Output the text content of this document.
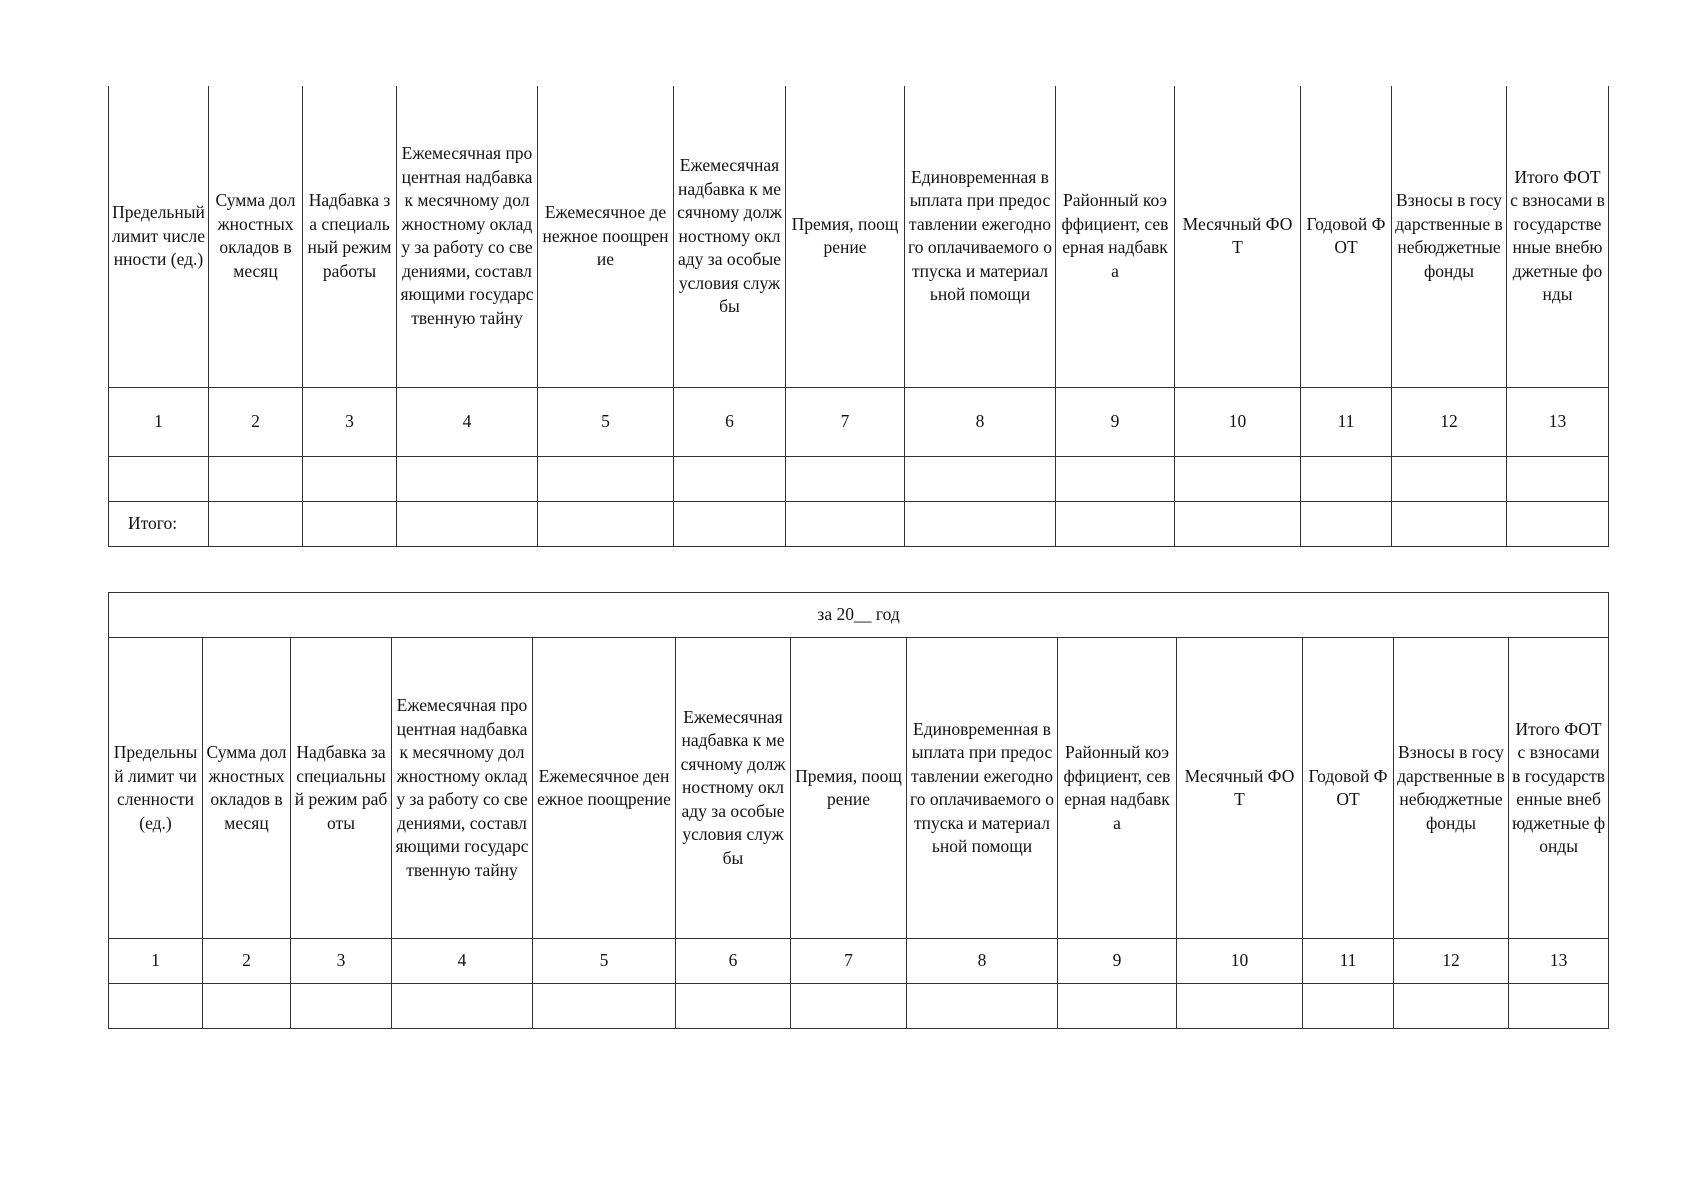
Предельный лимит численности (ед.)	Сумма должностных окладов в месяц	Надбавка за специальный режим работы	Ежемесячная процентная надбавка к месячному должностному окладу за работу со сведениями, составляющими государственную тайну	Ежемесячное денежное поощрение	Ежемесячная надбавка к месячному должностному окладу за особые условия службы	Премия, поощрение	Единовременная выплата при предоставлении ежегодного оплачиваемого отпуска и материальной помощи	Районный коэффициент, северная надбавка	Месячный ФОТ	Годовой ФОТ	Взносы в государственные внебюджетные фонды	Итого ФОТ с взносами в государственные внебюджетные фонды
1	2	3	4	5	6	7	8	9	10	11	12	13

Итого:												
за 20__ год												
Предельный лимит численности (ед.)	Сумма должностных окладов в месяц	Надбавка за специальный режим работы	Ежемесячная процентная надбавка к месячному должностному окладу за работу со сведениями, составляющими государственную тайну	Ежемесячное денежное поощрение	Ежемесячная надбавка к месячному должностному окладу за особые условия службы	Премия, поощрение	Единовременная выплата при предоставлении ежегодного оплачиваемого отпуска и материальной помощи	Районный коэффициент, северная надбавка	Месячный ФОТ	Годовой ФОТ	Взносы в государственные внебюджетные фонды	Итого ФОТ с взносами в государственные внебюджетные фонды
1	2	3	4	5	6	7	8	9	10	11	12	13
